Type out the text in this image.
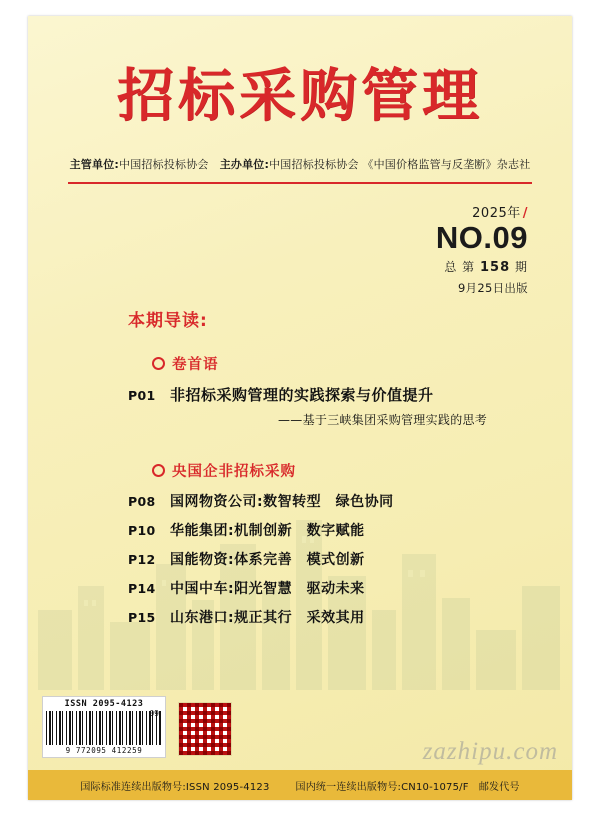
招标采购管理
主管单位:中国招标投标协会 主办单位:中国招标投标协会 《中国价格监管与反垄断》杂志社
2025年 /
NO.09
总 第 158 期
9月25日出版
本期导读:
卷首语
P01 非招标采购管理的实践探索与价值提升
——基于三峡集团采购管理实践的思考
央国企非招标采购
P08	国网物资公司:数智转型　绿色协同
P10	华能集团:机制创新　数字赋能
P12	国能物资:体系完善　模式创新
P14	中国中车:阳光智慧　驱动未来
P15	山东港口:规正其行　采效其用
ISSN 2095-4123
9 772095 412259
09
zazhipu.com
国际标准连续出版物号:ISSN 2095-4123	国内统一连续出版物号:CN10-1075/F　邮发代号
